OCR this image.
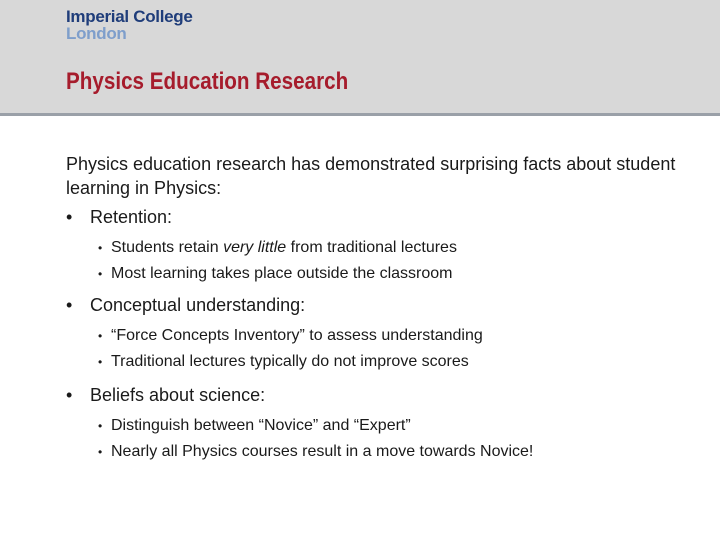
Imperial College
London
Physics Education Research

Physics education research has demonstrated surprising facts about student learning in Physics:

• Retention:

• Students retain very little from traditional lectures

• Most learning takes place outside the classroom

• Conceptual understanding:

• “Force Concepts Inventory” to assess understanding

• Traditional lectures typically do not improve scores

• Beliefs about science:

• Distinguish between “Novice” and “Expert”

• Nearly all Physics courses result in a move towards Novice!
